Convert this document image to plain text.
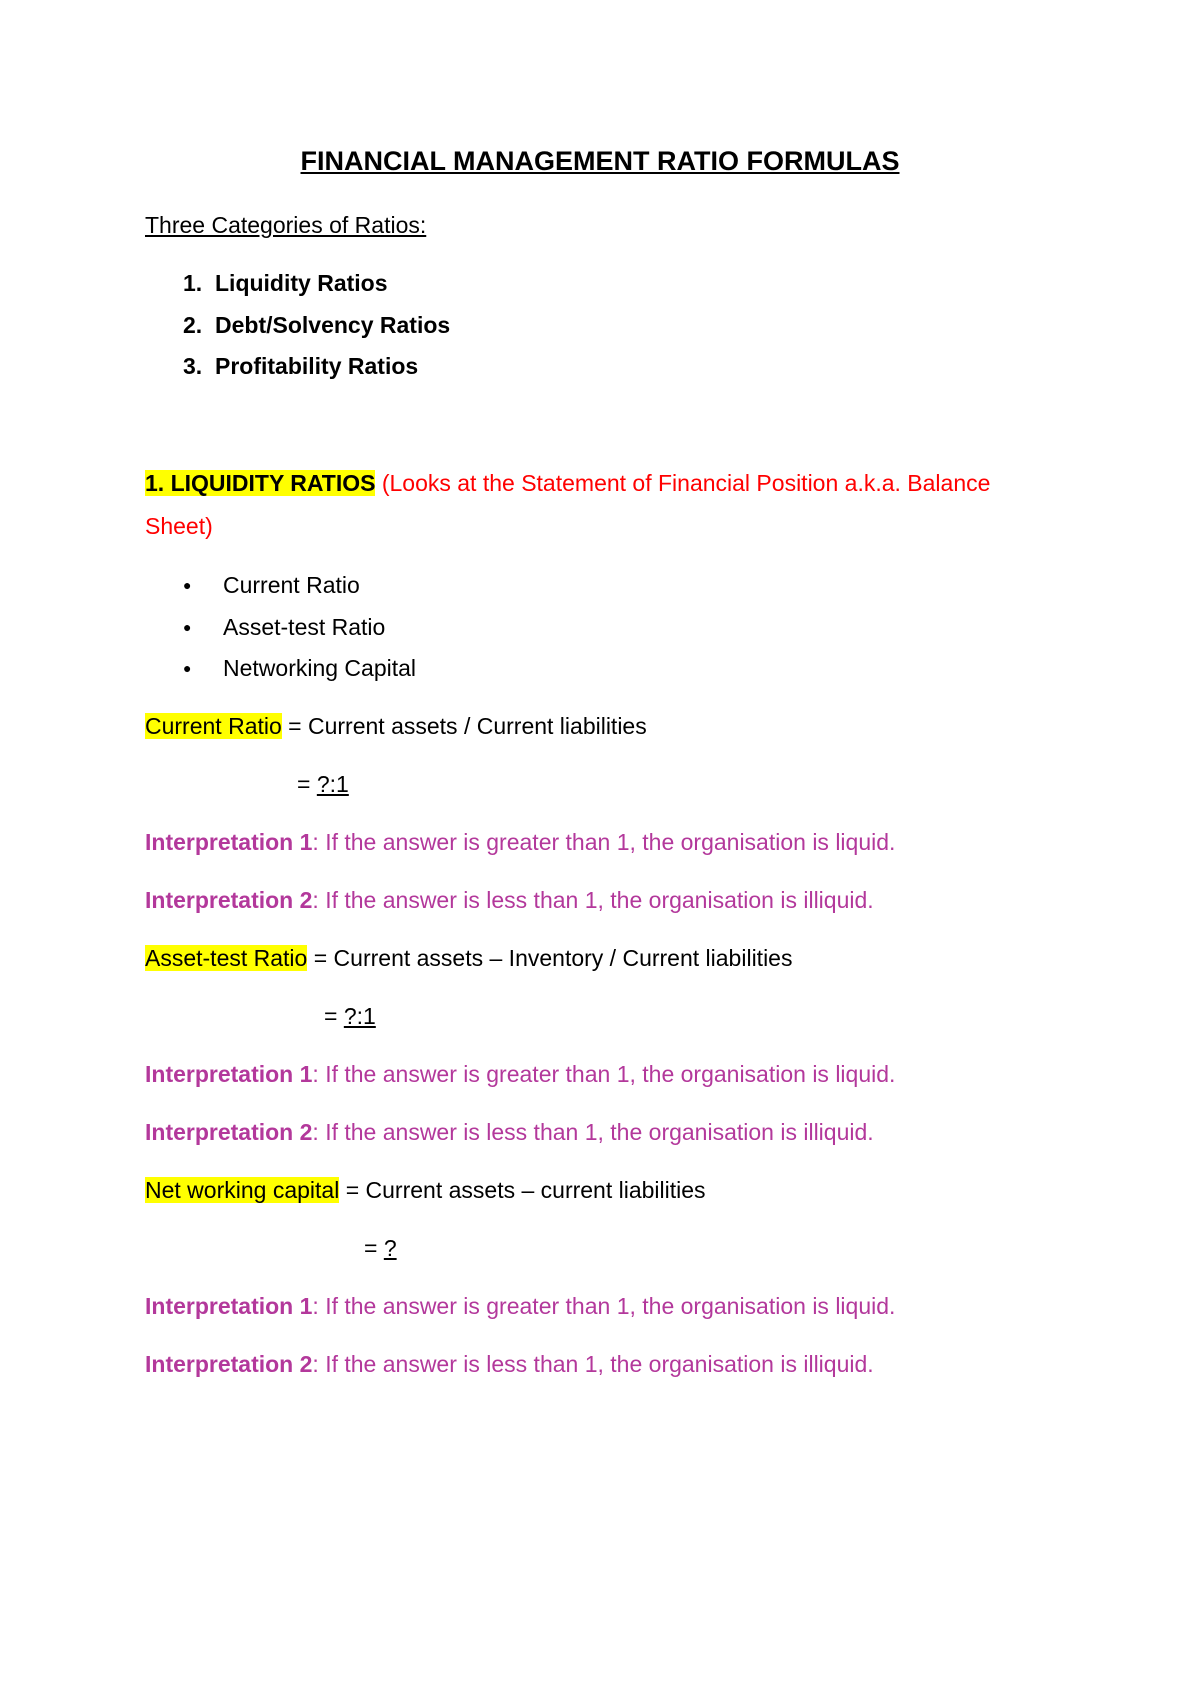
FINANCIAL MANAGEMENT RATIO FORMULAS
Three Categories of Ratios:
1. Liquidity Ratios
2. Debt/Solvency Ratios
3. Profitability Ratios
1. LIQUIDITY RATIOS (Looks at the Statement of Financial Position a.k.a. Balance
Sheet)
●Current Ratio
●Asset-test Ratio
●Networking Capital
Current Ratio = Current assets / Current liabilities
= ?:1
Interpretation 1: If the answer is greater than 1, the organisation is liquid.
Interpretation 2: If the answer is less than 1, the organisation is illiquid.
Asset-test Ratio = Current assets – Inventory / Current liabilities
= ?:1
Interpretation 1: If the answer is greater than 1, the organisation is liquid.
Interpretation 2: If the answer is less than 1, the organisation is illiquid.
Net working capital = Current assets – current liabilities
= ?
Interpretation 1: If the answer is greater than 1, the organisation is liquid.
Interpretation 2: If the answer is less than 1, the organisation is illiquid.
